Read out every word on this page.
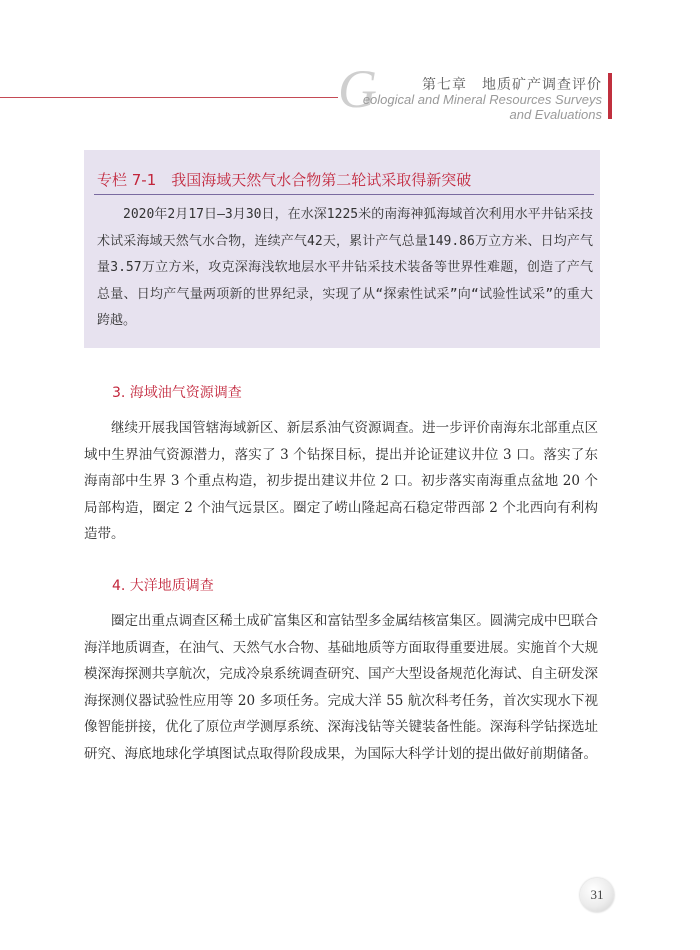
G	第七章　地质矿产调查评价
eological and Mineral Resources Surveys
and Evaluations
专栏 7-1　我国海域天然气水合物第二轮试采取得新突破
2020年2月17日—3月30日，在水深1225米的南海神狐海域首次利用水平井钻采技术试采海域天然气水合物，连续产气42天，累计产气总量149.86万立方米、日均产气量3.57万立方米，攻克深海浅软地层水平井钻采技术装备等世界性难题，创造了产气总量、日均产气量两项新的世界纪录，实现了从“探索性试采”向“试验性试采”的重大跨越。
3. 海域油气资源调查
继续开展我国管辖海域新区、新层系油气资源调查。进一步评价南海东北部重点区域中生界油气资源潜力，落实了 3 个钻探目标，提出并论证建议井位 3 口。落实了东海南部中生界 3 个重点构造，初步提出建议井位 2 口。初步落实南海重点盆地 20 个局部构造，圈定 2 个油气远景区。圈定了崂山隆起高石稳定带西部 2 个北西向有利构造带。
4. 大洋地质调查
圈定出重点调查区稀土成矿富集区和富钴型多金属结核富集区。圆满完成中巴联合海洋地质调查，在油气、天然气水合物、基础地质等方面取得重要进展。实施首个大规模深海探测共享航次，完成冷泉系统调查研究、国产大型设备规范化海试、自主研发深海探测仪器试验性应用等 20 多项任务。完成大洋 55 航次科考任务，首次实现水下视像智能拼接，优化了原位声学测厚系统、深海浅钻等关键装备性能。深海科学钻探选址研究、海底地球化学填图试点取得阶段成果，为国际大科学计划的提出做好前期储备。
31
